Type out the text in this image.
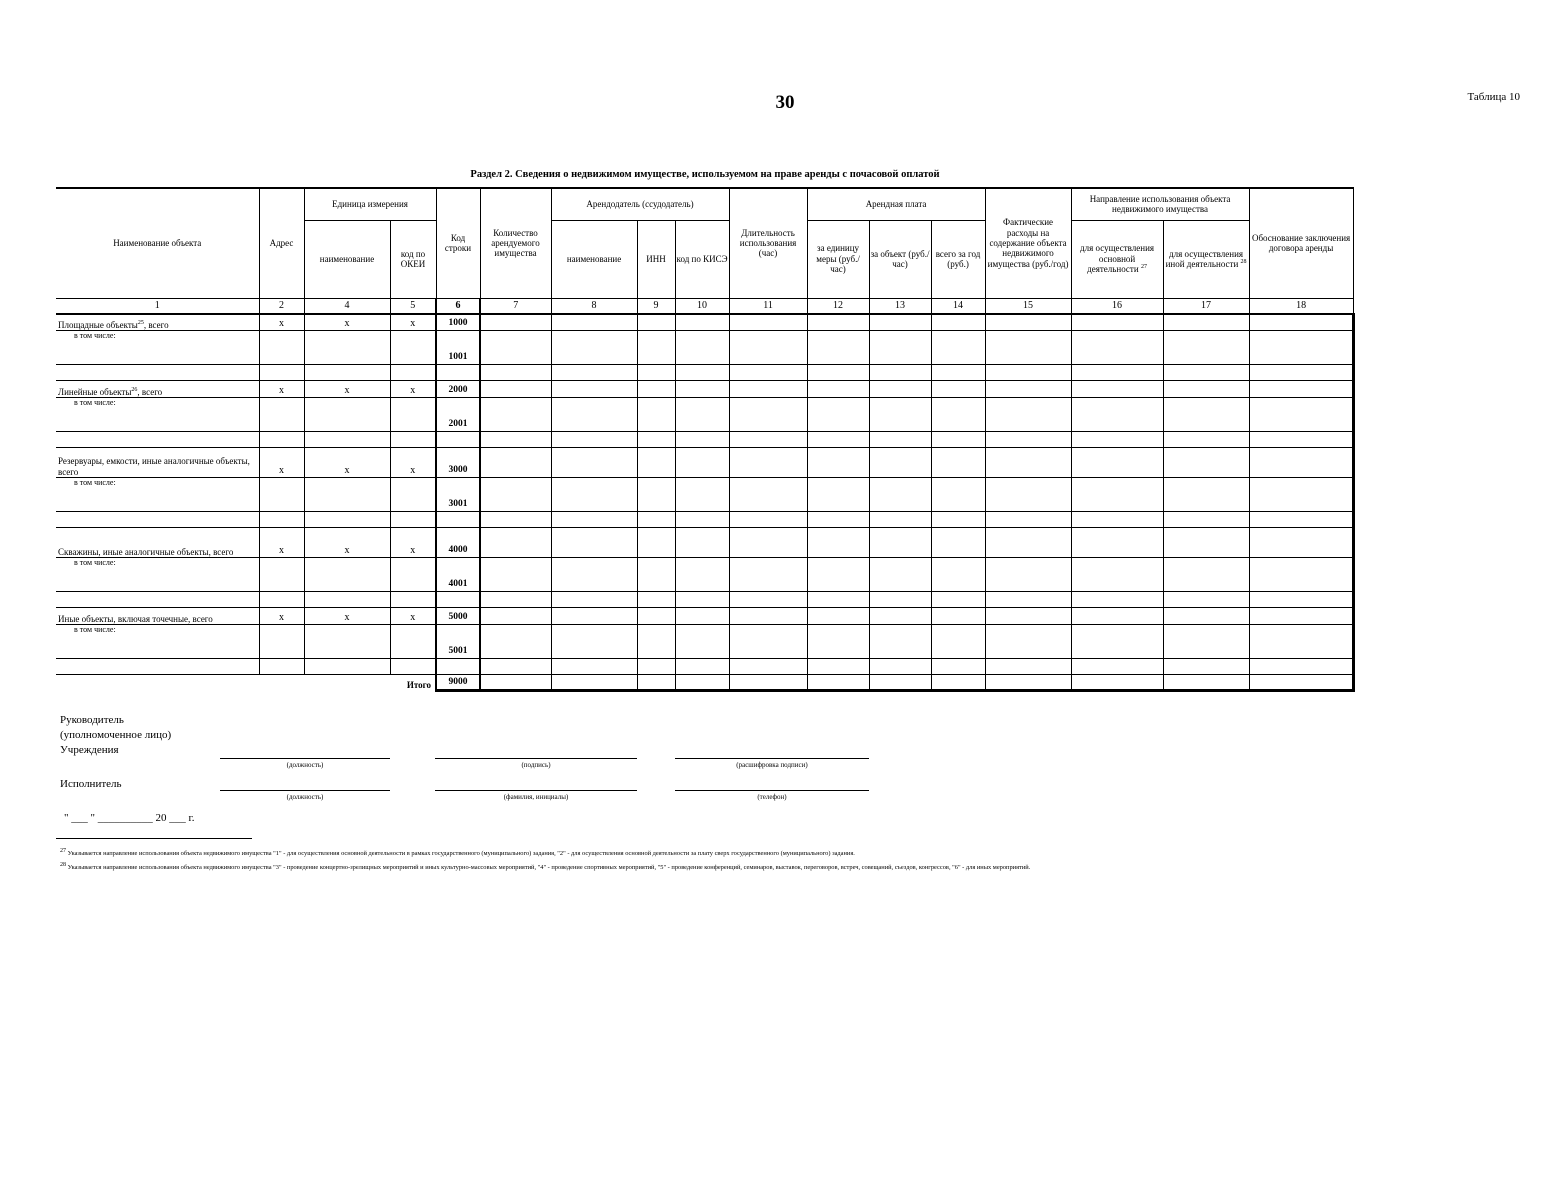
30	Таблица 10
Раздел 2. Сведения о недвижимом имуществе, используемом на праве аренды с почасовой оплатой
Наименование объекта	Адрес	Единица измерения		Код строки	Количество арендуемого имущества	Арендодатель (ссудодатель)			Длительность использования (час)	Арендная плата			Фактические расходы на содержание объекта недвижимого имущества (руб./год)	Направление использования объекта недвижимого имущества		Обоснование заключения договора аренды
		наименование	код по ОКЕИ			наименование	ИНН	код по КИСЭ		за единицу меры (руб./час)	за объект (руб./час)	всего за год (руб.)		для осуществления основной деятельности $^{27}$	для осуществления иной деятельности $^{28}$
1	2	4	5	6	7	8	9	10	11	12	13	14	15	16	17	18
Площадные объекты$^{25}$, всего	x	x	x	1000												
в том числе:				1001												

Линейные объекты$^{26}$, всего	x	x	x	2000												
в том числе:				2001												

Резервуары, емкости, иные аналогичные объекты, всего	x	x	x	3000												
в том числе:				3001												

Скважины, иные аналогичные объекты, всего	x	x	x	4000												
в том числе:				4001												

Иные объекты, включая точечные, всего	x	x	x	5000												
в том числе:				5001												

Итого				9000												
Руководитель
(уполномоченное лицо)
Учреждения
(должность)	(подпись)	(расшифровка подписи)
Исполнитель
(должность)	(фамилия, инициалы)	(телефон)
" ___ " __________ 20 ___ г.
$^{27}$ Указывается направление использования объекта недвижимого имущества "1" - для осуществления основной деятельности в рамках государственного (муниципального) задания, "2" - для осуществления основной деятельности за плату сверх государственного (муниципального) задания.
$^{28}$ Указывается направление использования объекта недвижимого имущества "3" - проведение концертно-зрелищных мероприятий и иных культурно-массовых мероприятий, "4" - проведение спортивных мероприятий, "5" - проведение конференций, семинаров, выставок, переговоров, встреч, совещаний, съездов, конгрессов, "6" - для иных мероприятий.
